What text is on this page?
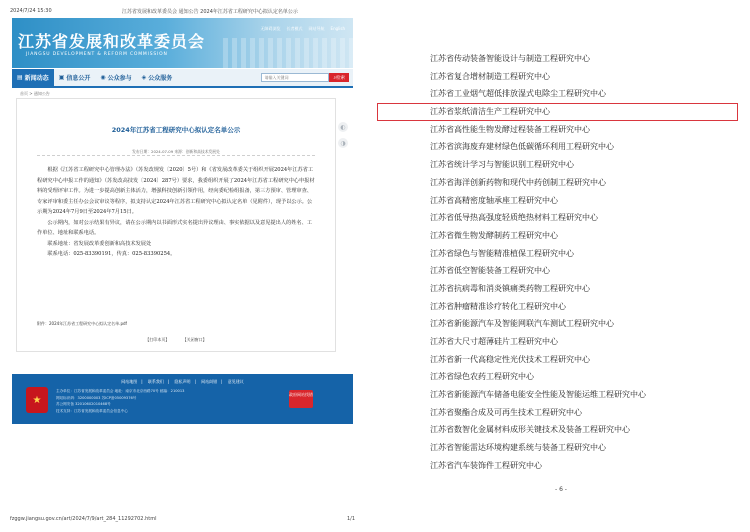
2024/7/24 15:30	江苏省发展和改革委员会 通知公告 2024年江苏省工程研究中心拟认定名单公示
江苏省发展和改革委员会
JIANGSU DEVELOPMENT & REFORM COMMISSION
无障碍浏览 长者模式 网站导航 English
▤ 新闻动态 ▣ 信息公开 ◉ 公众参与 ◈ 公众服务
请输入关键词	⌕ 检索
首页 > 通知公告
2024年江苏省工程研究中心拟认定名单公示
发布日期：2024-07-09 来源：创新和高技术发展处

根据《江苏省工程研究中心管理办法》（苏发改规发〔2020〕5号）和《省发展改革委关于组织开展2024年江苏省工程研究中心申报工作的通知》（苏发改高技发〔2024〕287号）要求，我委组织开展了2024年江苏省工程研究中心申报材料的受理评审工作。为进一步提高创新主体活力，增强科技创新引领作用，经向委纪检组报备，第三方预审、管理审查、专家评审和委主任办公会议审议等程序，拟支持认定2024年江苏省工程研究中心拟认定名单（见附件），现予以公示。公示期为2024年7月9日至2024年7月15日。

公示期内，如对公示结果有异议，请在公示期内以书面形式实名提出异议理由、事实依据以及意见提出人的姓名、工作单位、地址和联系电话。

联系地址：省发展改革委创新和高技术发展处

联系电话：025-83390191，传真：025-83390254。

附件：2024年江苏省工程研究中心拟认定名单.pdf
【打印本页】	【关闭窗口】
◐
◑
网站地图 | 联系我们 | 隐私声明 | 网站纠错 | 意见建议
★
主办单位：江苏省发展和改革委员会 地址：南京市北京西路70号 邮编：210013
网站标识码：3200000003 苏ICP备05009376号
苏公网安备 32010602010468号
技术支持：江苏省发展和改革委员会信息中心
政府网站找错
fzggw.jiangsu.gov.cn/art/2024/7/9/art_284_11292702.html	1/1
江苏省传动装备智能设计与制造工程研究中心
江苏省复合增材制造工程研究中心
江苏省工业烟气超低排放湿式电除尘工程研究中心
江苏省浆纸清洁生产工程研究中心
江苏省高性能生物发酵过程装备工程研究中心
江苏省滨海废弃建材绿色低碳循环利用工程研究中心
江苏省统计学习与智能识别工程研究中心
江苏省海洋创新药物和现代中药创制工程研究中心
江苏省高精密度轴承座工程研究中心
江苏省低导热高强度轻质绝热材料工程研究中心
江苏省微生物发酵制药工程研究中心
江苏省绿色与智能精准植保工程研究中心
江苏省低空智能装备工程研究中心
江苏省抗病毒和消炎镇痛类药物工程研究中心
江苏省肿瘤精准诊疗转化工程研究中心
江苏省新能源汽车及智能网联汽车测试工程研究中心
江苏省大尺寸超薄硅片工程研究中心
江苏省新一代高稳定性光伏技术工程研究中心
江苏省绿色农药工程研究中心
江苏省新能源汽车储备电能安全性能及智能运维工程研究中心
江苏省聚酯合成及可再生技术工程研究中心
江苏省数智化金属材料成形关键技术及装备工程研究中心
江苏省智能雷达环境构建系统与装备工程研究中心
江苏省汽车装饰件工程研究中心
- 6 -
